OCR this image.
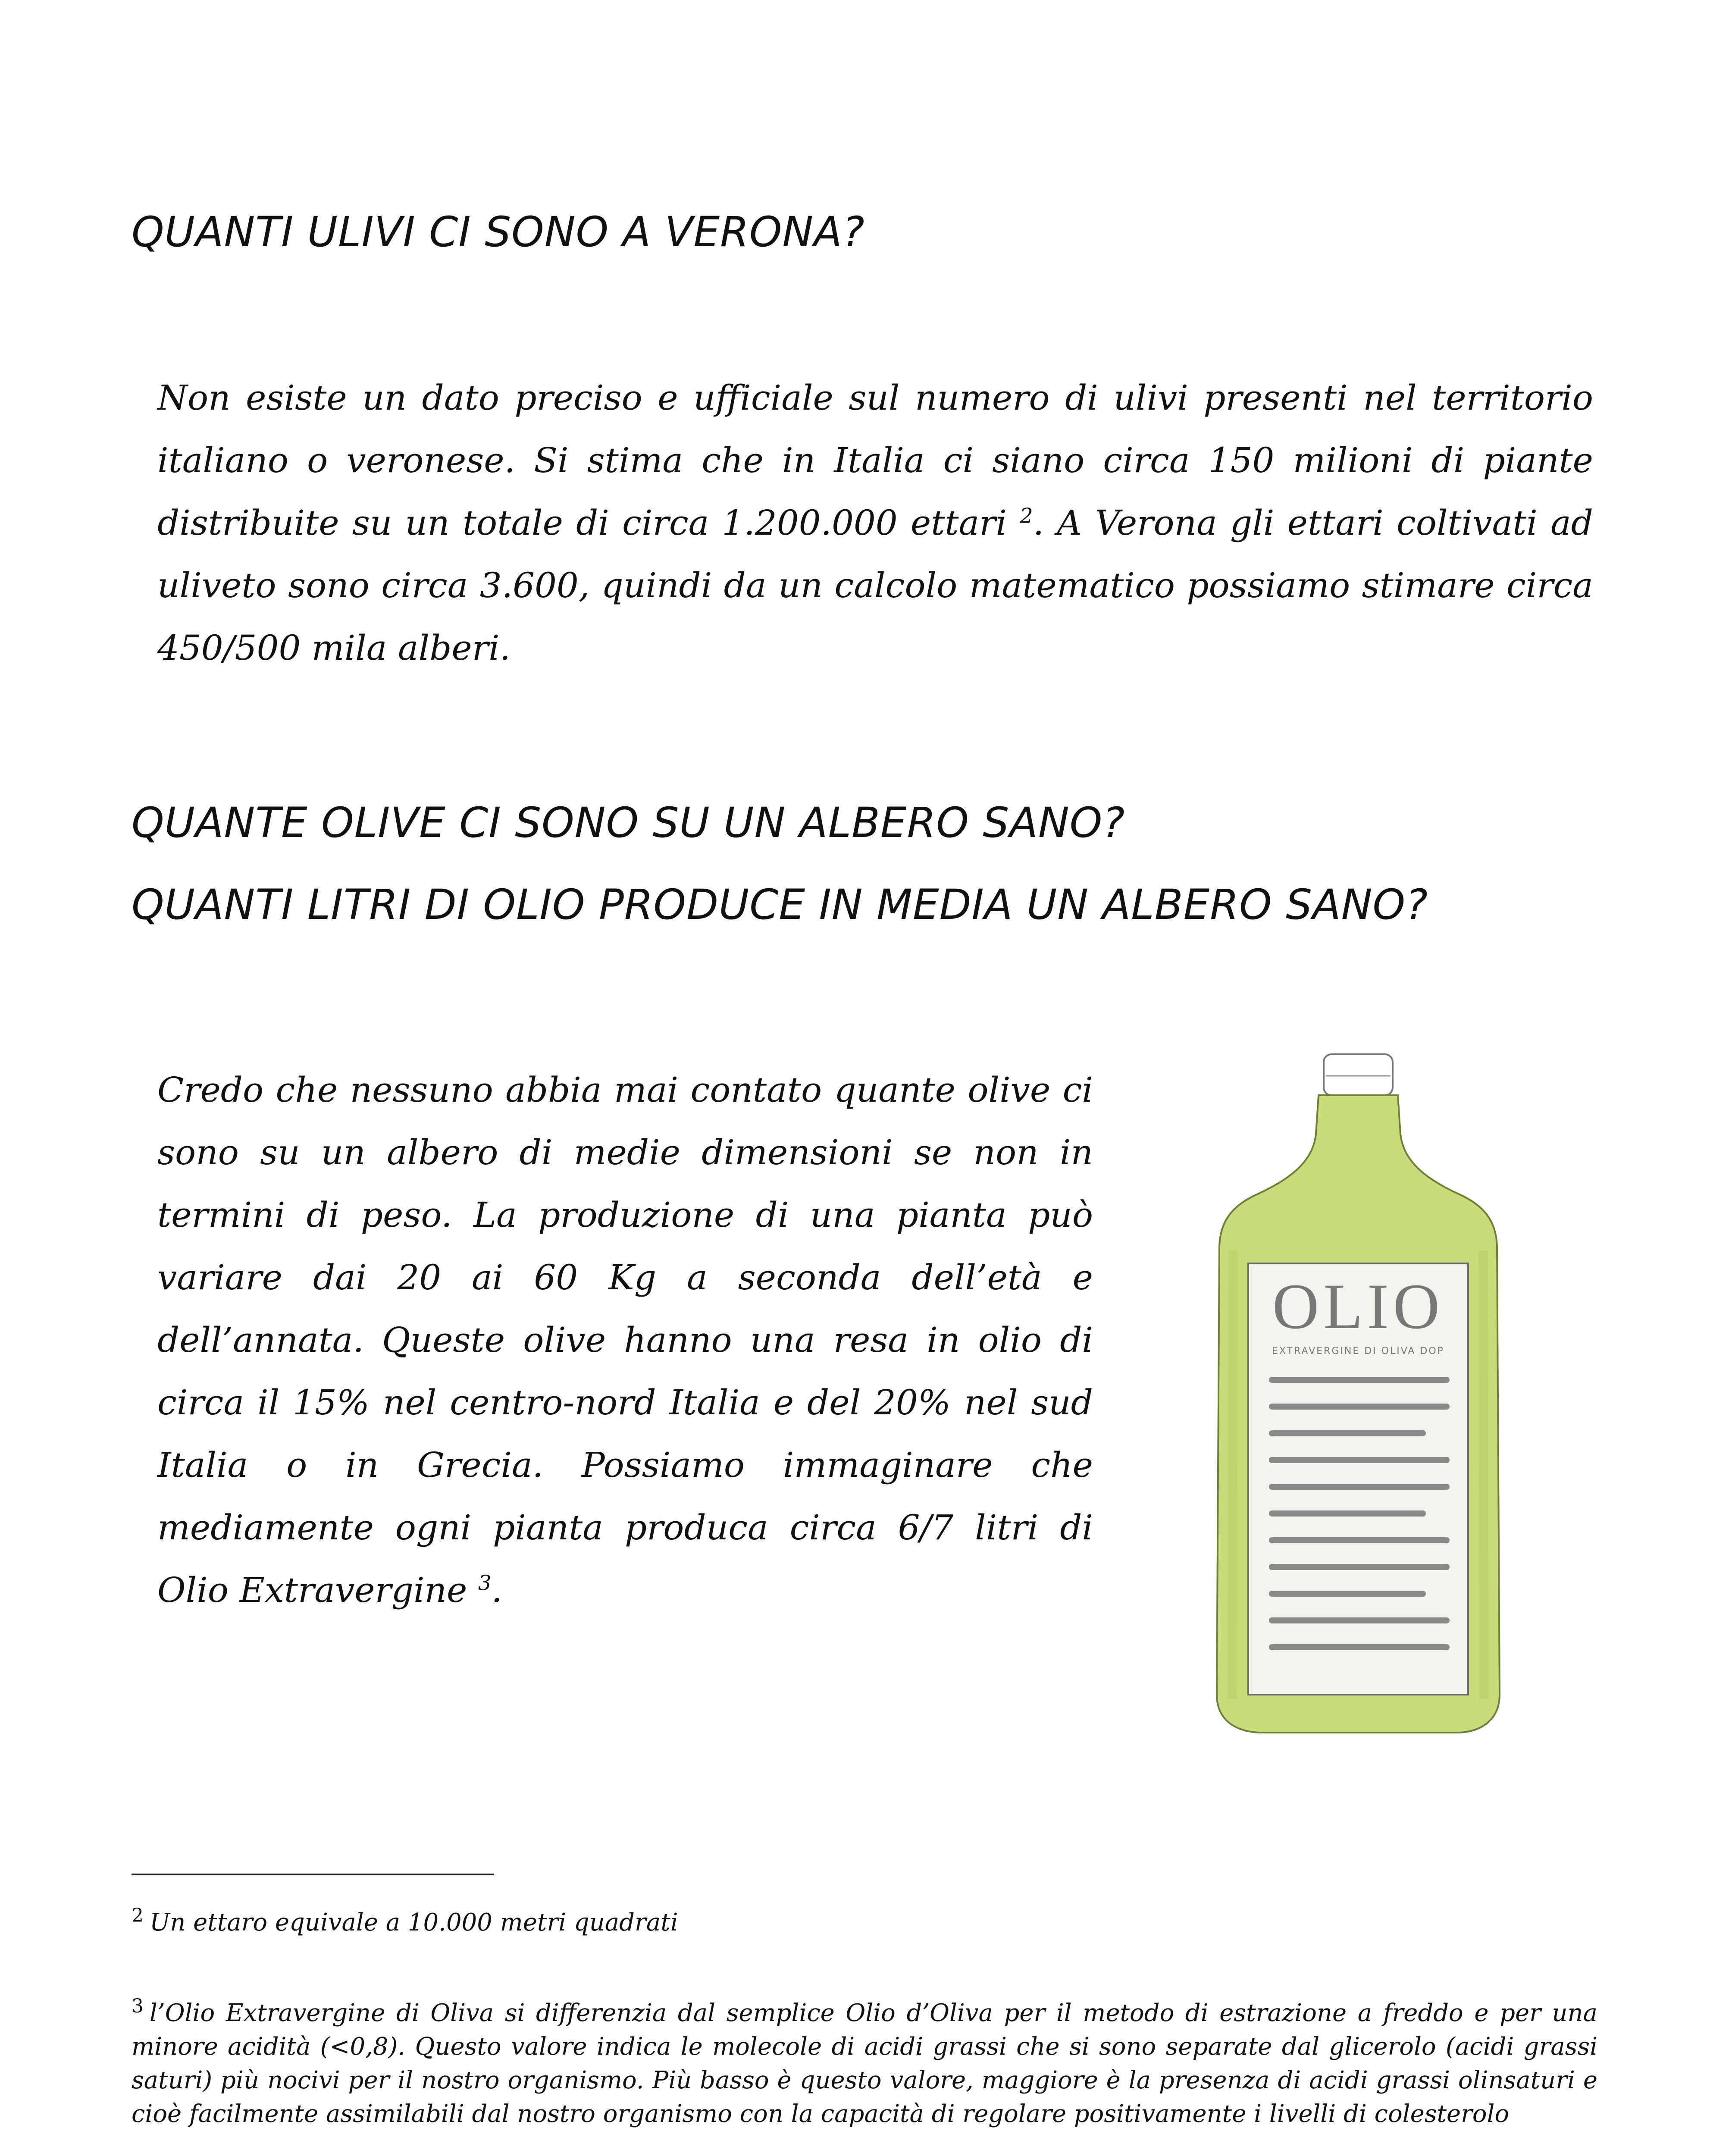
QUANTI ULIVI CI SONO A VERONA?

Non esiste un dato preciso e ufficiale sul numero di ulivi presenti nel territorio italiano o veronese. Si stima che in Italia ci siano circa 150 milioni di piante distribuite su un totale di circa 1.200.000 ettari $^2$. A Verona gli ettari coltivati ad uliveto sono circa 3.600, quindi da un calcolo matematico possiamo stimare circa 450/500 mila alberi.

QUANTE OLIVE CI SONO SU UN ALBERO SANO?
QUANTI LITRI DI OLIO PRODUCE IN MEDIA UN ALBERO SANO?

Credo che nessuno abbia mai contato quante olive ci sono su un albero di medie dimensioni se non in termini di peso. La produzione di una pianta può variare dai 20 ai 60 Kg a seconda dell’età e dell’annata. Queste olive hanno una resa in olio di circa il 15% nel centro-nord Italia e del 20% nel sud Italia o in Grecia. Possiamo immaginare che mediamente ogni pianta produca circa 6/7 litri di Olio Extravergine $^3$.

OLIO
EXTRAVERGINE DI OLIVA DOP

$^2$ Un ettaro equivale a 10.000 metri quadrati

$^3$ l’Olio Extravergine di Oliva si differenzia dal semplice Olio d’Oliva per il metodo di estrazione a freddo e per una minore acidità (<0,8). Questo valore indica le molecole di acidi grassi che si sono separate dal glicerolo (acidi grassi saturi) più nocivi per il nostro organismo. Più basso è questo valore, maggiore è la presenza di acidi grassi olinsaturi e cioè facilmente assimilabili dal nostro organismo con la capacità di regolare positivamente i livelli di colesterolo
